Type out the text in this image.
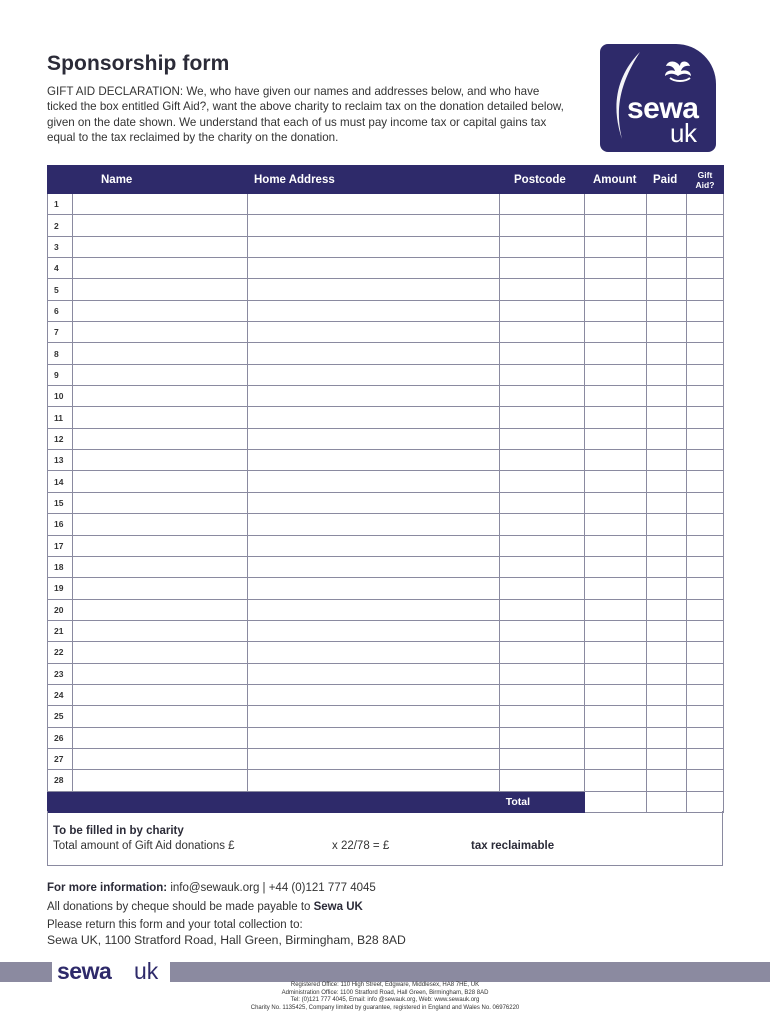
Sponsorship form
GIFT AID DECLARATION: We, who have given our names and addresses below, and who have ticked the box entitled Gift Aid?, want the above charity to reclaim tax on the donation detailed below, given on the date shown. We understand that each of us must pay income tax or capital gains tax equal to the tax reclaimed by the charity on the donation.
sewa
uk
	Name	Home Address	Postcode	Amount	Paid	Gift
Aid?
1						
2						
3						
4						
5						
6						
7						
8						
9						
10						
11						
12						
13						
14						
15						
16						
17						
18						
19						
20						
21						
22						
23						
24						
25						
26						
27						
28						
Total						
To be filled in by charity
Total amount of Gift Aid donations £	x 22/78 = £	tax reclaimable
For more information: info@sewauk.org | +44 (0)121 777 4045
All donations by cheque should be made payable to Sewa UK
Please return this form and your total collection to:
Sewa UK, 1100 Stratford Road, Hall Green, Birmingham, B28 8AD
sewa uk
Registered Office: 110 High Street, Edgware, Middlesex, HA8 7HE, UK
Administration Office: 1100 Stratford Road, Hall Green, Birmingham, B28 8AD
Tel: (0)121 777 4045, Email: info @sewauk.org, Web: www.sewauk.org
Charity No. 1135425, Company limited by guarantee, registered in England and Wales No. 06976220
